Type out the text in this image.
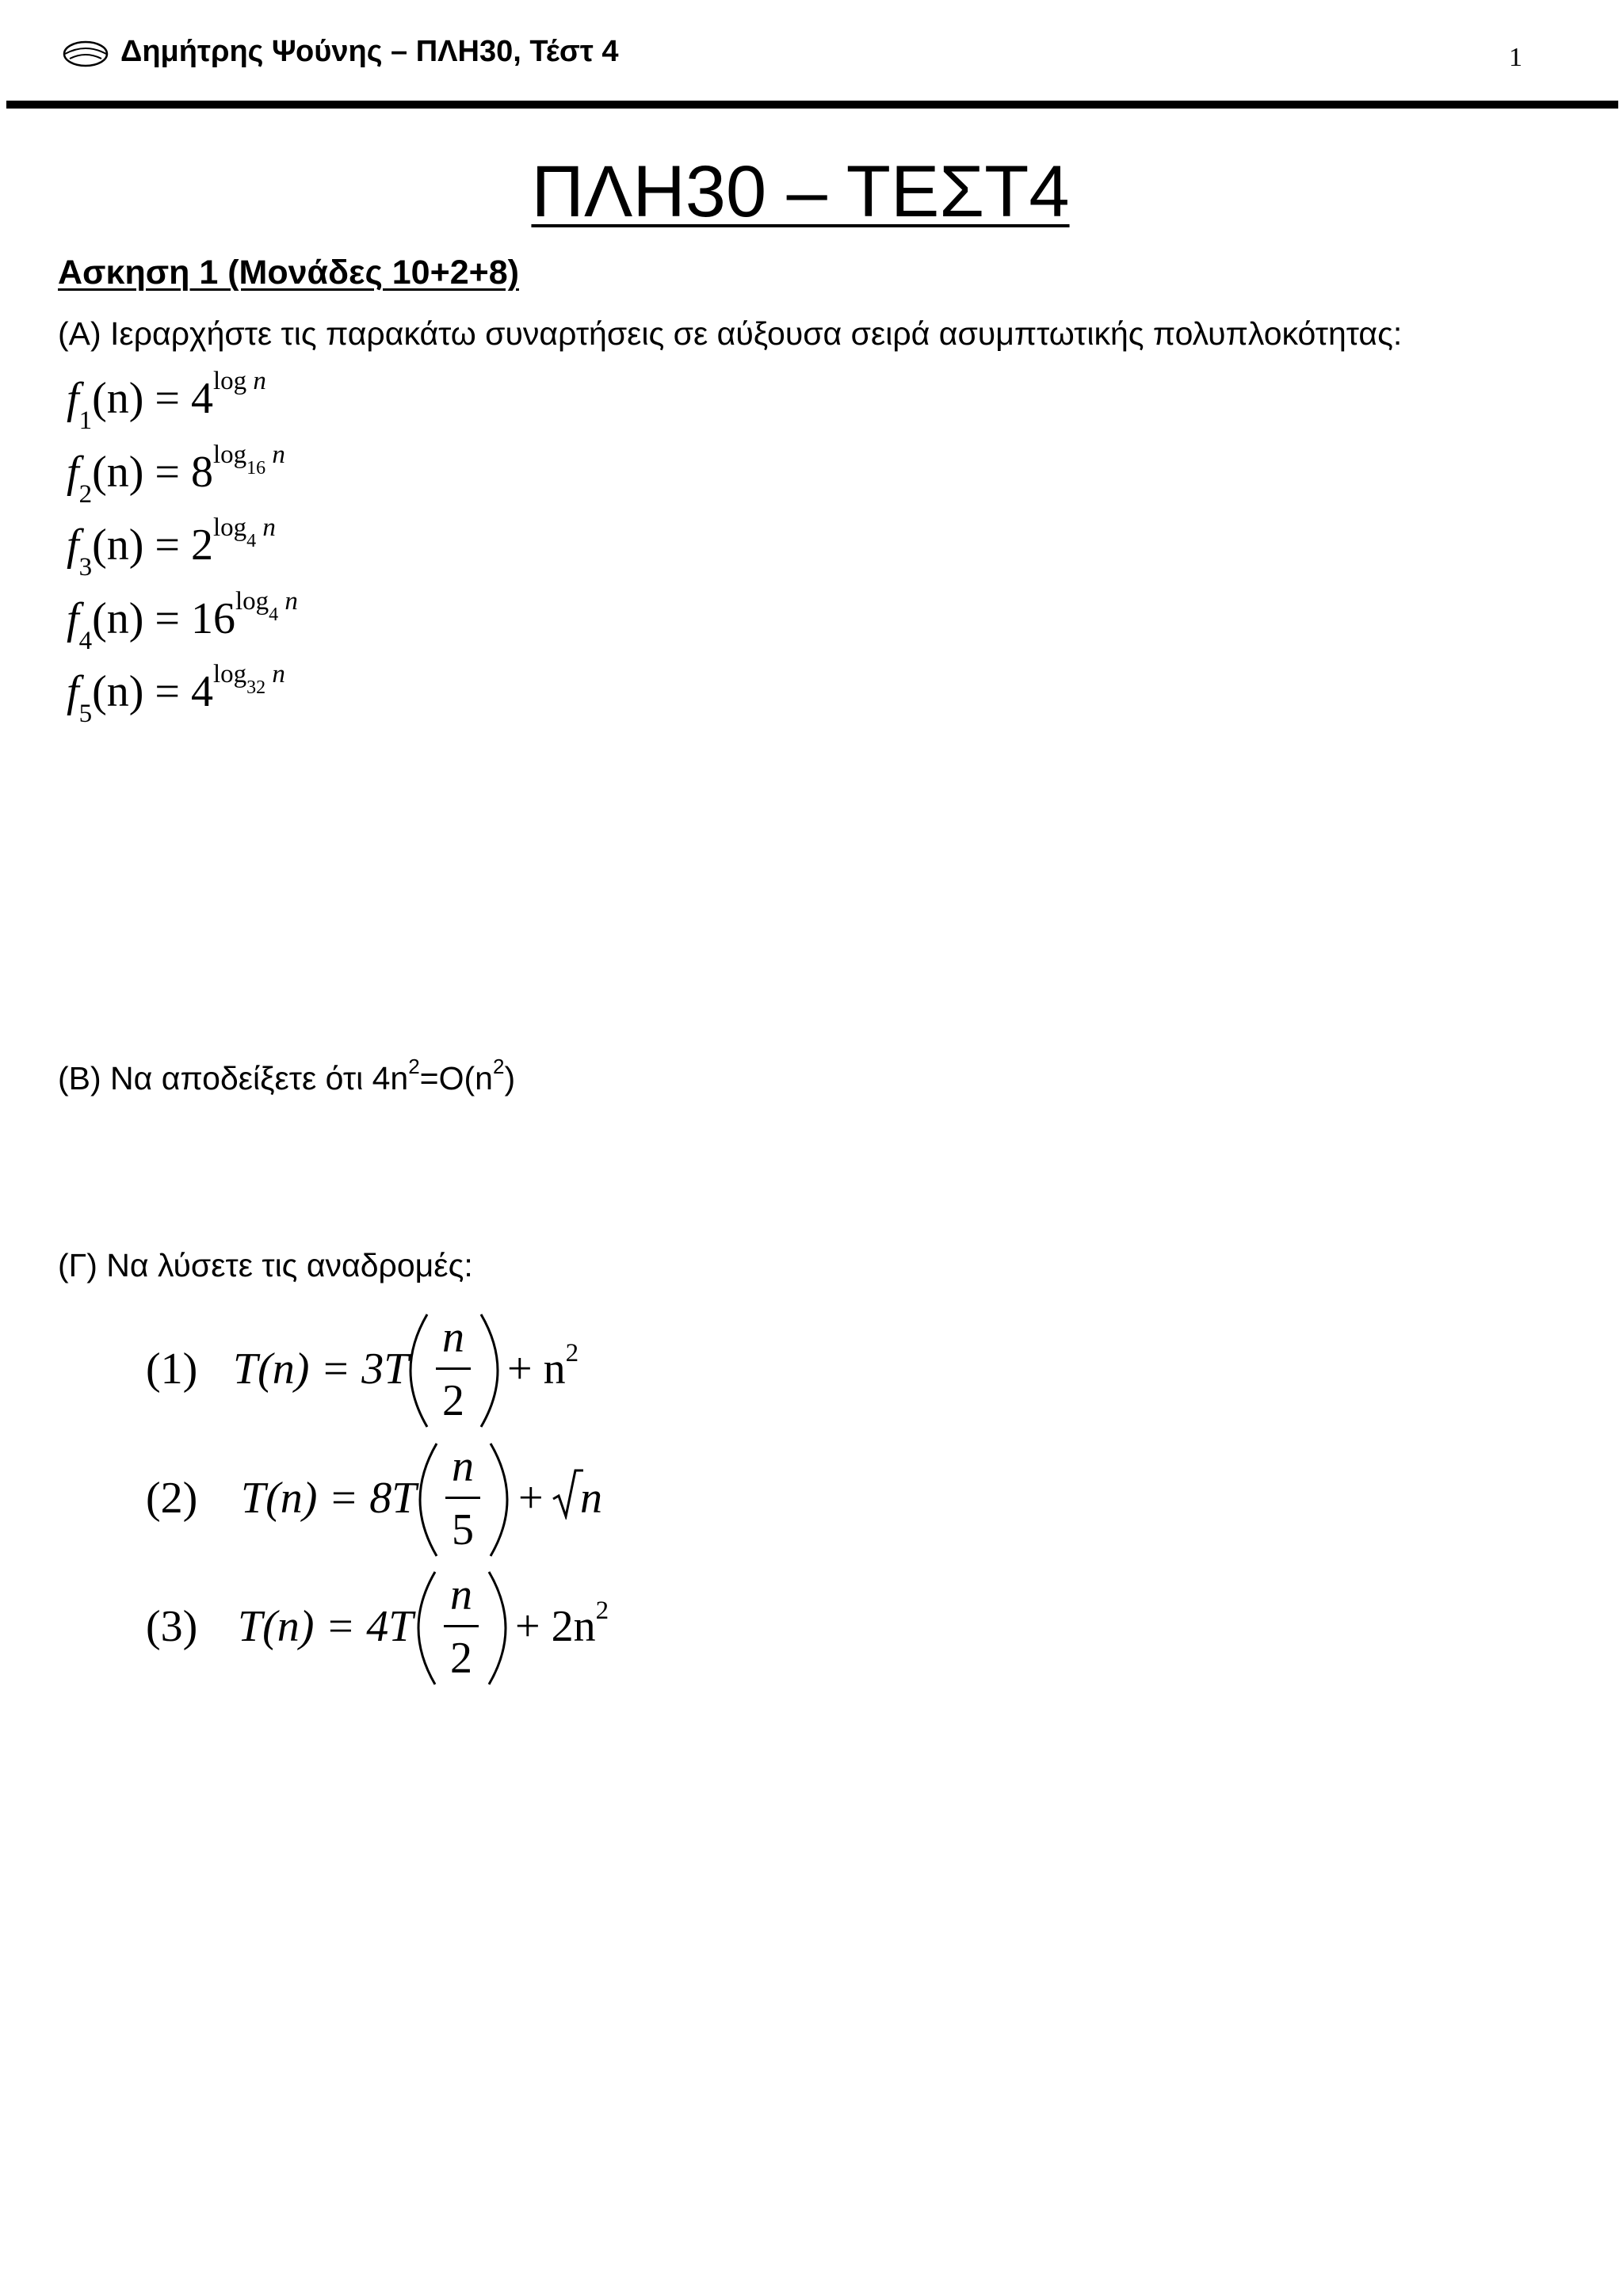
Δημήτρης Ψούνης – ΠΛΗ30, Τέστ 4	1
ΠΛΗ30 – ΤΕΣΤ4
Ασκηση 1 (Μονάδες 10+2+8)
(Α) Ιεραρχήστε τις παρακάτω συναρτήσεις σε αύξουσα σειρά ασυμπτωτικής πολυπλοκότητας:
$f_1(n) = 4^{log n}$
$f_2(n) = 8^{log_{16} n}$
$f_3(n) = 2^{log_4 n}$
$f_4(n) = 16^{log_4 n}$
$f_5(n) = 4^{log_{32} n}$
(Β) Να αποδείξετε ότι $4n^2=O(n^2)$
(Γ) Να λύσετε τις αναδρομές:
(1) T(n) = 3T
n
2
+ $n^2$
(2) T(n) = 8T
n
5
+ n
(3) T(n) = 4T
n
2
+ $2n^2$
